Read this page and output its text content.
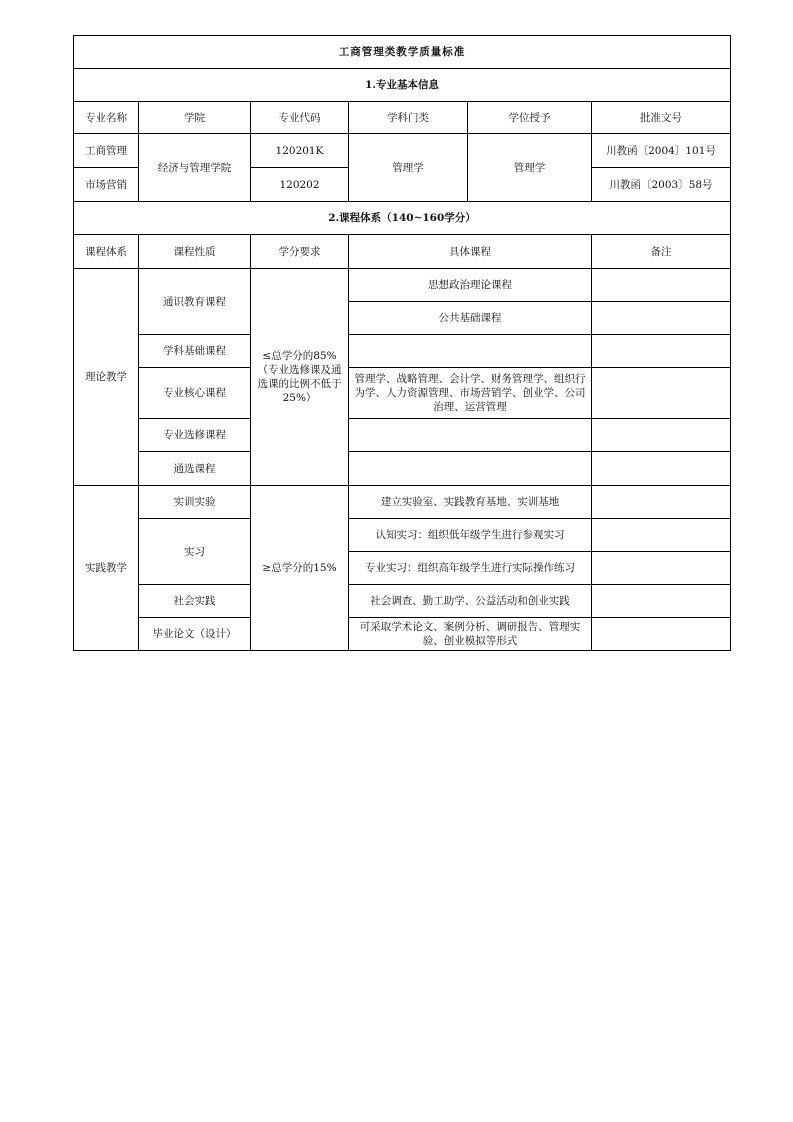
工商管理类教学质量标准					
1.专业基本信息					
专业名称	学院	专业代码	学科门类	学位授予	批准文号
工商管理	经济与管理学院	120201K	管理学	管理学	川教函〔2004〕101号
市场营销		120202			川教函〔2003〕58号
2.课程体系（140~160学分）					
课程体系	课程性质	学分要求	具体课程		备注
理论教学	通识教育课程	≤总学分的85%（专业选修课及通选课的比例不低于25%）	思想政治理论课程		
			公共基础课程		
	学科基础课程				
	专业核心课程		管理学、战略管理、会计学、财务管理学、组织行为学、人力资源管理、市场营销学、创业学、公司治理、运营管理		
	专业选修课程				
	通选课程				

实践教学	实训实验	≥总学分的15%	建立实验室、实践教育基地、实训基地		
	实习		认知实习：组织低年级学生进行参观实习		
			专业实习：组织高年级学生进行实际操作练习		
	社会实践		社会调查、勤工助学、公益活动和创业实践		
	毕业论文（设计）		可采取学术论文、案例分析、调研报告、管理实验、创业模拟等形式		
